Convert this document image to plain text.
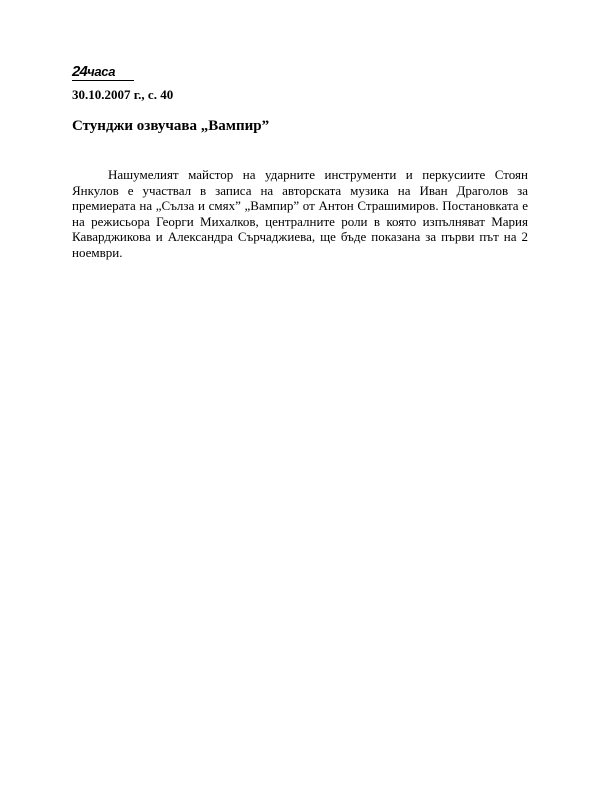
24часа
30.10.2007 г., с. 40
Стунджи озвучава „Вампир”

Нашумелият майстор на ударните инструменти и перкусиите Стоян Янкулов е участвал в записа на авторската музика на Иван Драголов за премиерата на „Сълза и смях” „Вампир” от Антон Страшимиров. Постановката е на режисьора Георги Михалков, централните роли в която изпълняват Мария Каварджикова и Александра Сърчаджиева, ще бъде показана за първи път на 2 ноември.
